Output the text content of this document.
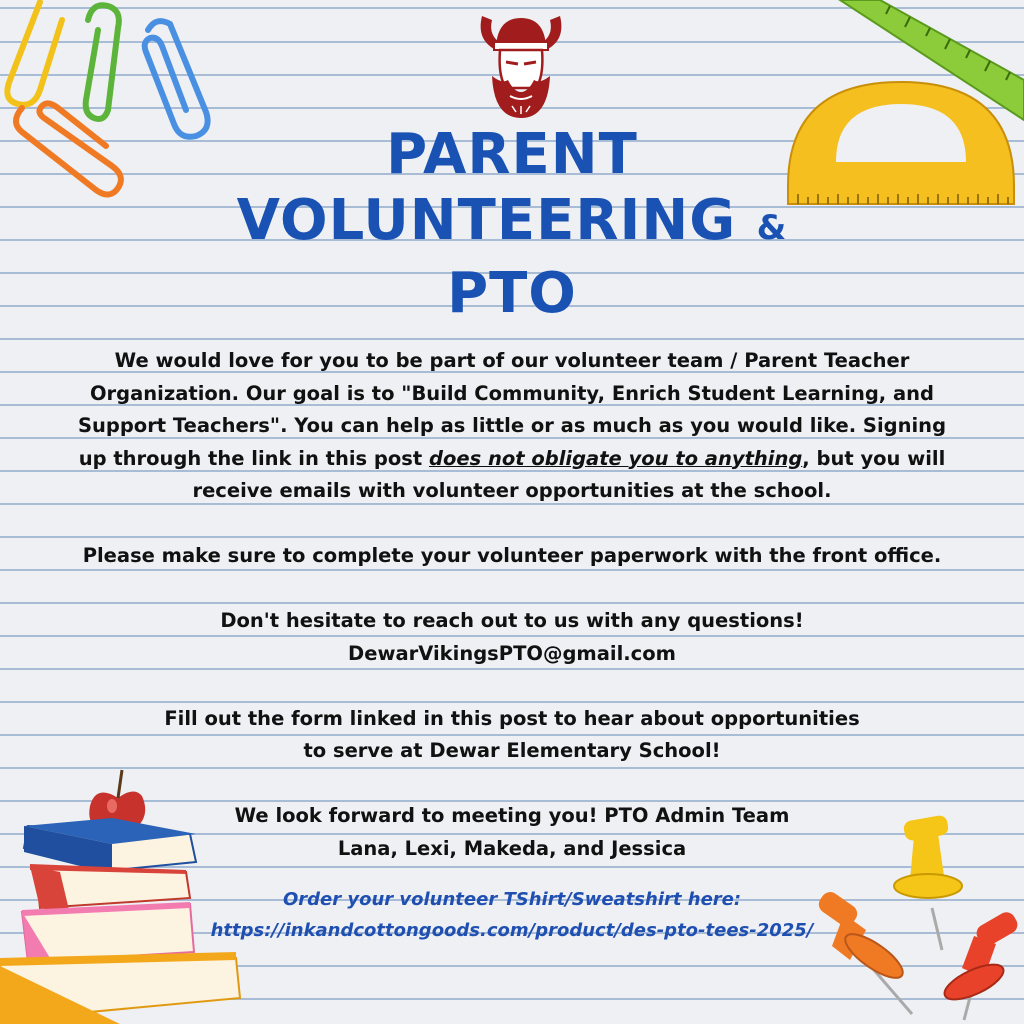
PARENT
VOLUNTEERING &
PTO

We would love for you to be part of our volunteer team / Parent Teacher Organization. Our goal is to "Build Community, Enrich Student Learning, and Support Teachers". You can help as little or as much as you would like. Signing up through the link in this post does not obligate you to anything, but you will receive emails with volunteer opportunities at the school.

Please make sure to complete your volunteer paperwork with the front office.

Don't hesitate to reach out to us with any questions!

DewarVikingsPTO@gmail.com

Fill out the form linked in this post to hear about opportunities

to serve at Dewar Elementary School!

We look forward to meeting you! PTO Admin Team

Lana, Lexi, Makeda, and Jessica

Order your volunteer TShirt/Sweatshirt here:
https://inkandcottongoods.com/product/des-pto-tees-2025/
